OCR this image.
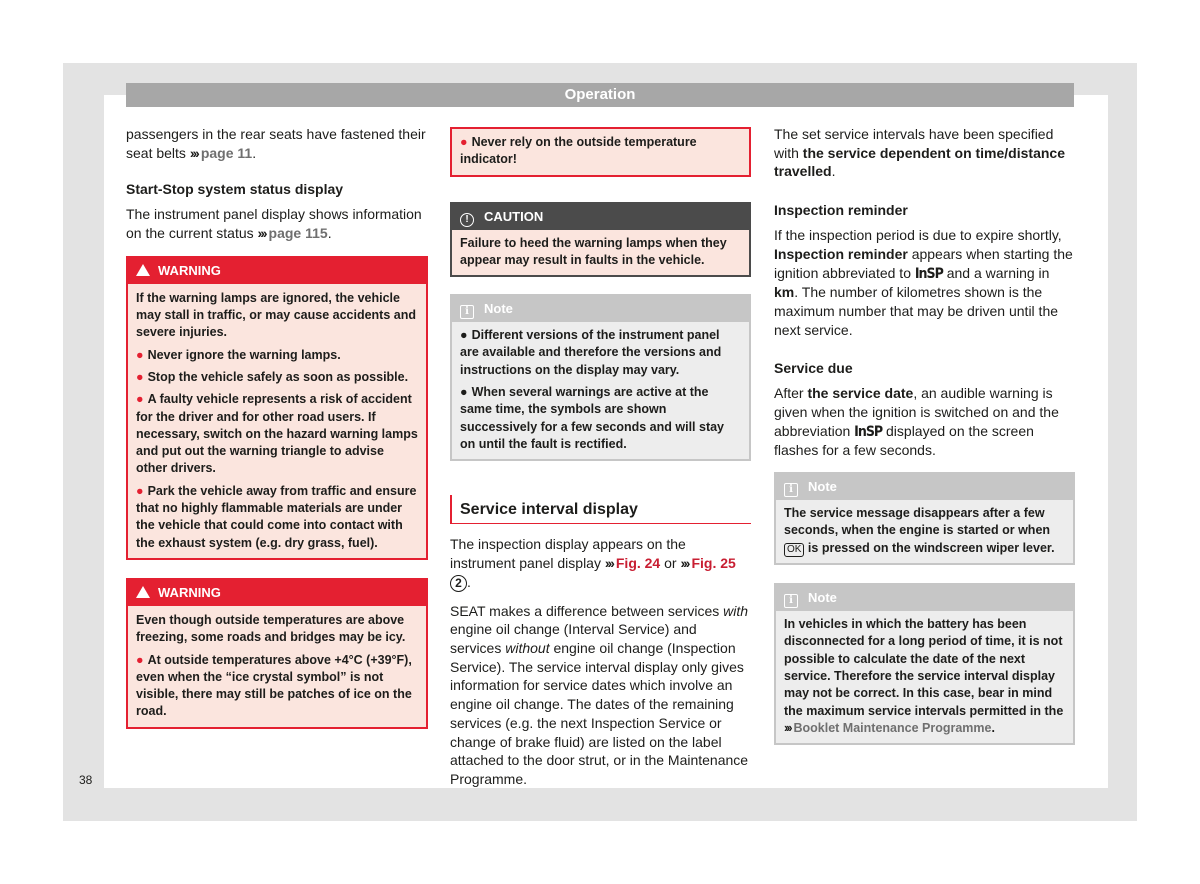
Operation
38

passengers in the rear seats have fastened their seat belts ››› page 11.

Start-Stop system status display

The instrument panel display shows information on the current status ››› page 115.

WARNING

If the warning lamps are ignored, the vehicle may stall in traffic, or may cause accidents and severe injuries.

● Never ignore the warning lamps.

● Stop the vehicle safely as soon as possible.

● A faulty vehicle represents a risk of accident for the driver and for other road users. If necessary, switch on the hazard warning lamps and put out the warning triangle to advise other drivers.

● Park the vehicle away from traffic and ensure that no highly flammable materials are under the vehicle that could come into contact with the exhaust system (e.g. dry grass, fuel).

WARNING

Even though outside temperatures are above freezing, some roads and bridges may be icy.

● At outside temperatures above +4°C (+39°F), even when the “ice crystal symbol” is not visible, there may still be patches of ice on the road.

● Never rely on the outside temperature indicator!

! CAUTION
Failure to heed the warning lamps when they appear may result in faults in the vehicle.
i Note

● Different versions of the instrument panel are available and therefore the versions and instructions on the display may vary.

● When several warnings are active at the same time, the symbols are shown successively for a few seconds and will stay on until the fault is rectified.

Service interval display

The inspection display appears on the instrument panel display ››› Fig. 24 or ››› Fig. 25 2 .

SEAT makes a difference between services with engine oil change (Interval Service) and services without engine oil change (Inspection Service). The service interval display only gives information for service dates which involve an engine oil change. The dates of the remaining services (e.g. the next Inspection Service or change of brake fluid) are listed on the label attached to the door strut, or in the Maintenance Programme.

The set service intervals have been specified with the service dependent on time/distance travelled.

Inspection reminder

If the inspection period is due to expire shortly, Inspection reminder appears when starting the ignition abbreviated to InSP and a warning in km. The number of kilometres shown is the maximum number that may be driven until the next service.

Service due

After the service date, an audible warning is given when the ignition is switched on and the abbreviation InSP displayed on the screen flashes for a few seconds.

i Note
The service message disappears after a few seconds, when the engine is started or when OK is pressed on the windscreen wiper lever.
i Note
In vehicles in which the battery has been disconnected for a long period of time, it is not possible to calculate the date of the next service. Therefore the service interval display may not be correct. In this case, bear in mind the maximum service intervals permitted in the ››› Booklet Maintenance Programme.
